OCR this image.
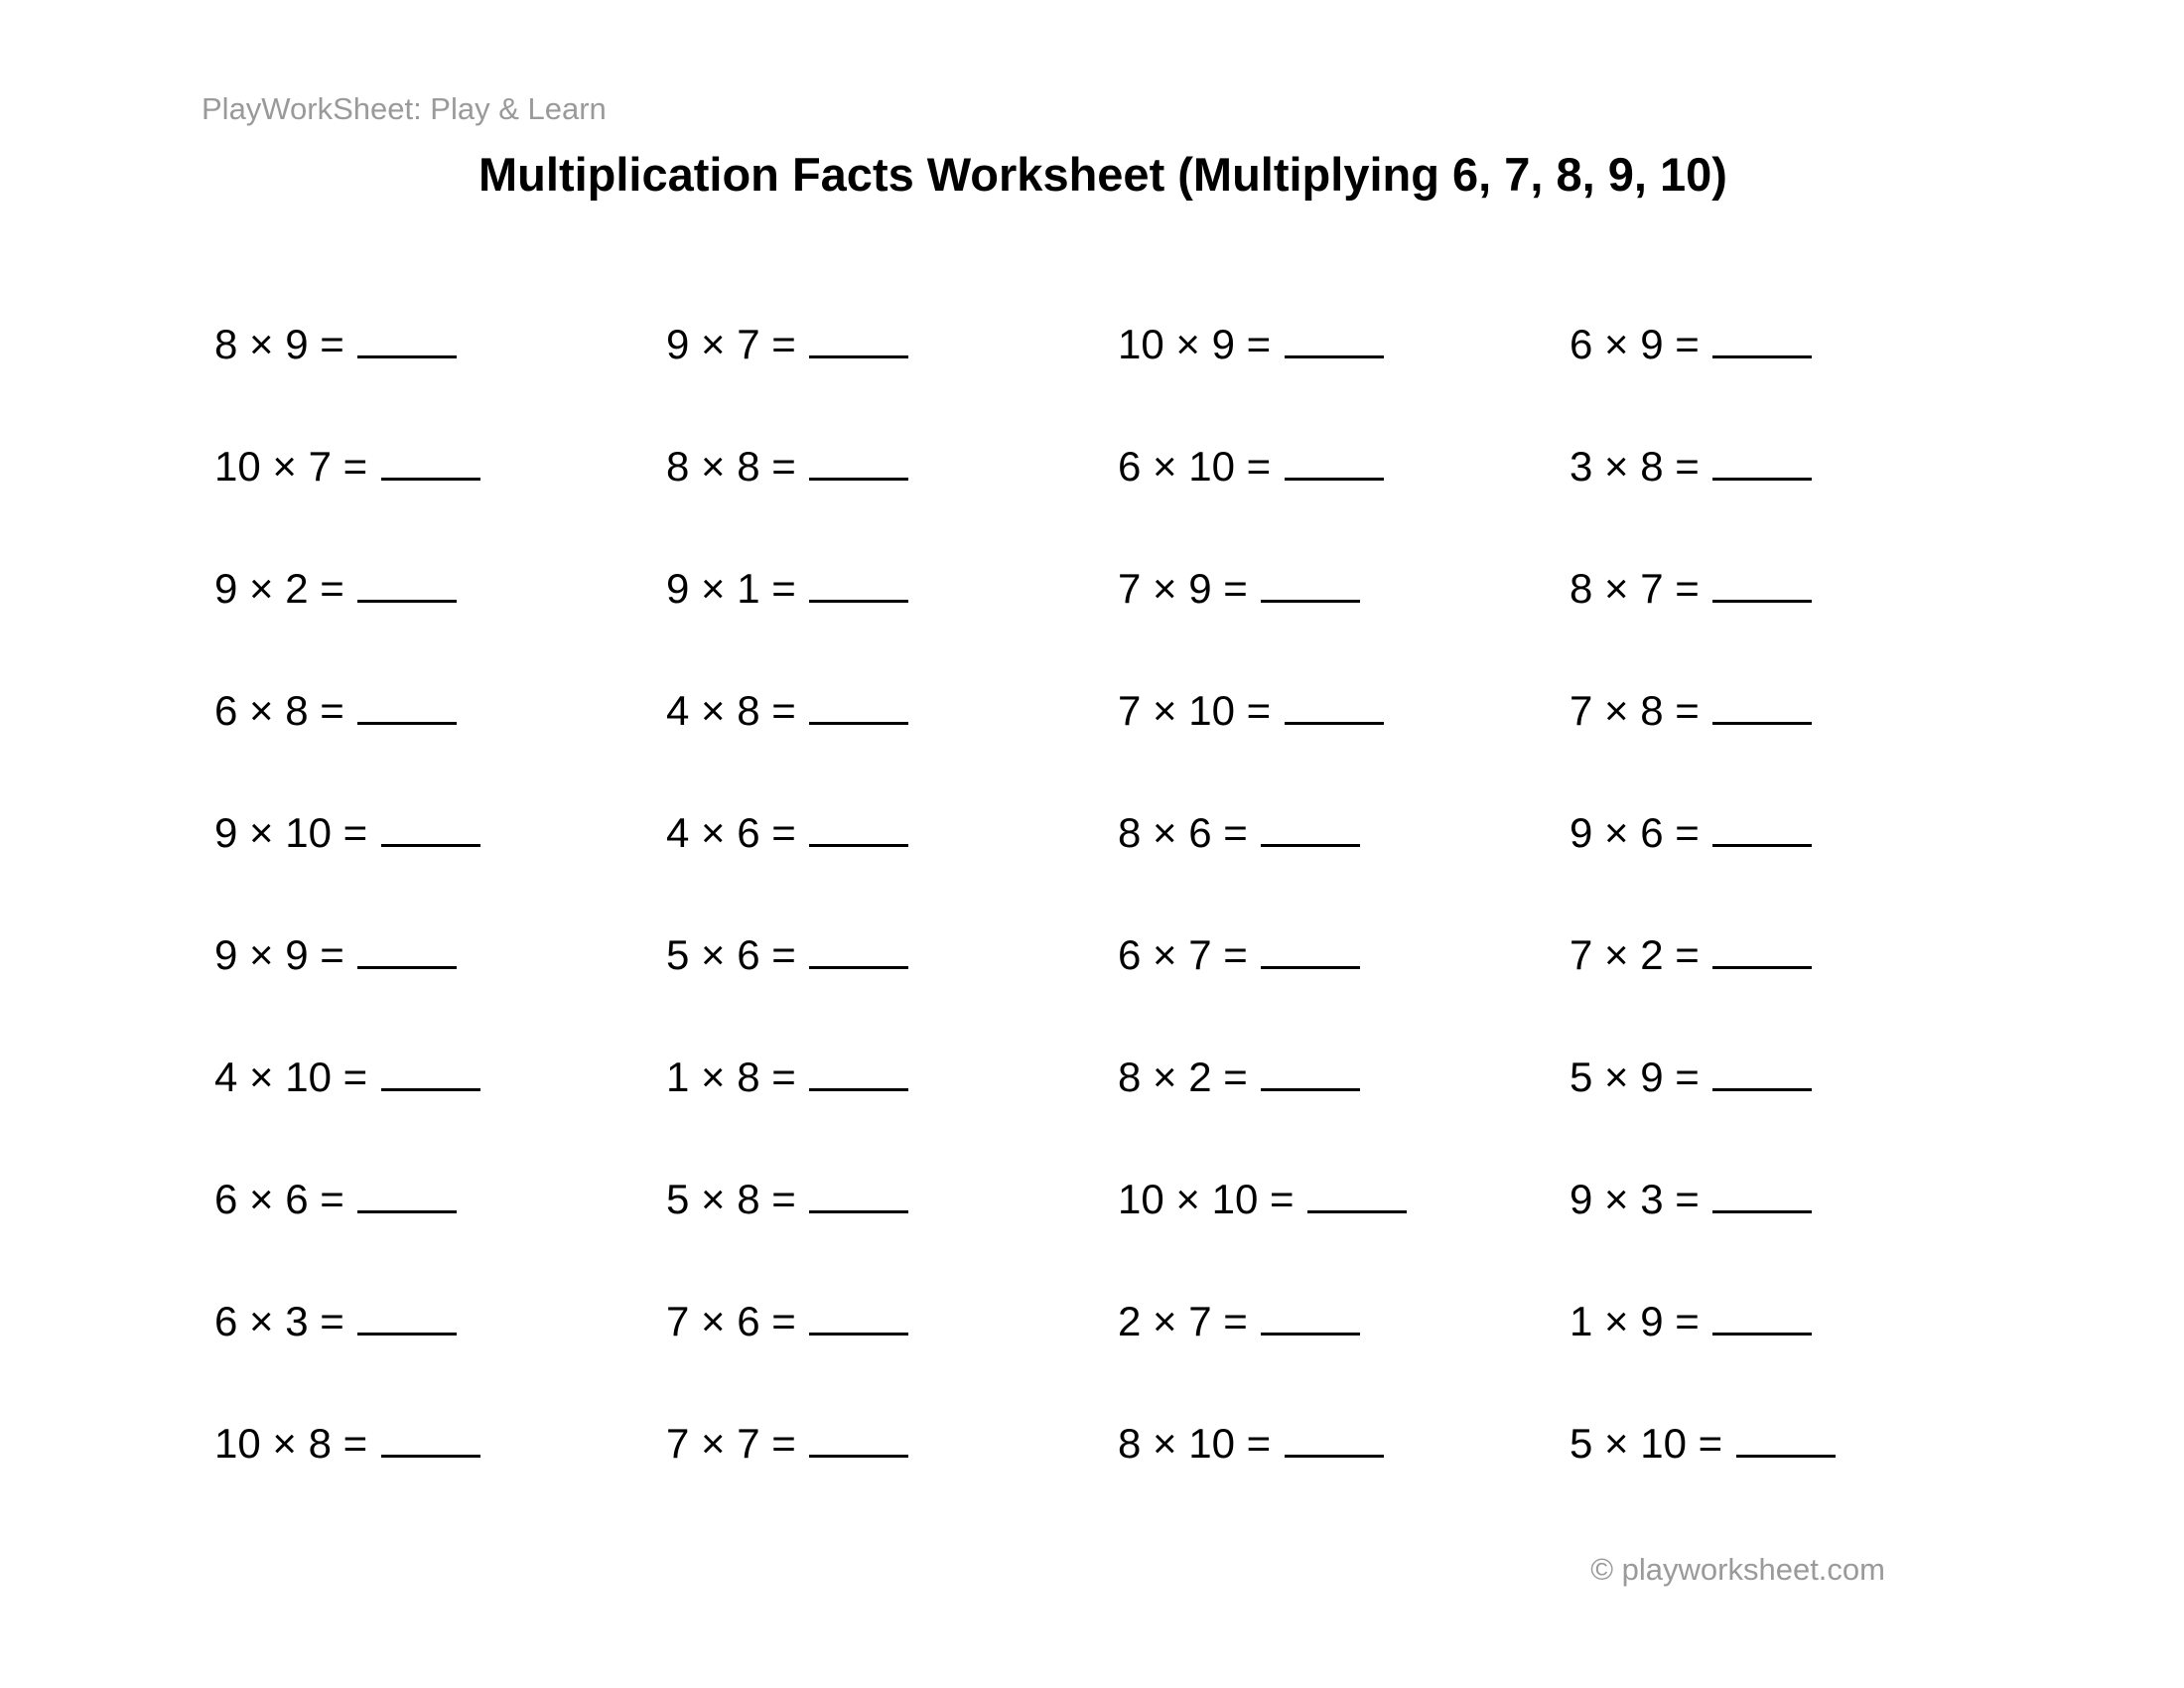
PlayWorkSheet: Play & Learn
Multiplication Facts Worksheet (Multiplying 6, 7, 8, 9, 10)
8 × 9 =	9 × 7 =	10 × 9 =	6 × 9 =
10 × 7 =	8 × 8 =	6 × 10 =	3 × 8 =
9 × 2 =	9 × 1 =	7 × 9 =	8 × 7 =
6 × 8 =	4 × 8 =	7 × 10 =	7 × 8 =
9 × 10 =	4 × 6 =	8 × 6 =	9 × 6 =
9 × 9 =	5 × 6 =	6 × 7 =	7 × 2 =
4 × 10 =	1 × 8 =	8 × 2 =	5 × 9 =
6 × 6 =	5 × 8 =	10 × 10 =	9 × 3 =
6 × 3 =	7 × 6 =	2 × 7 =	1 × 9 =
10 × 8 =	7 × 7 =	8 × 10 =	5 × 10 =
© playworksheet.com
